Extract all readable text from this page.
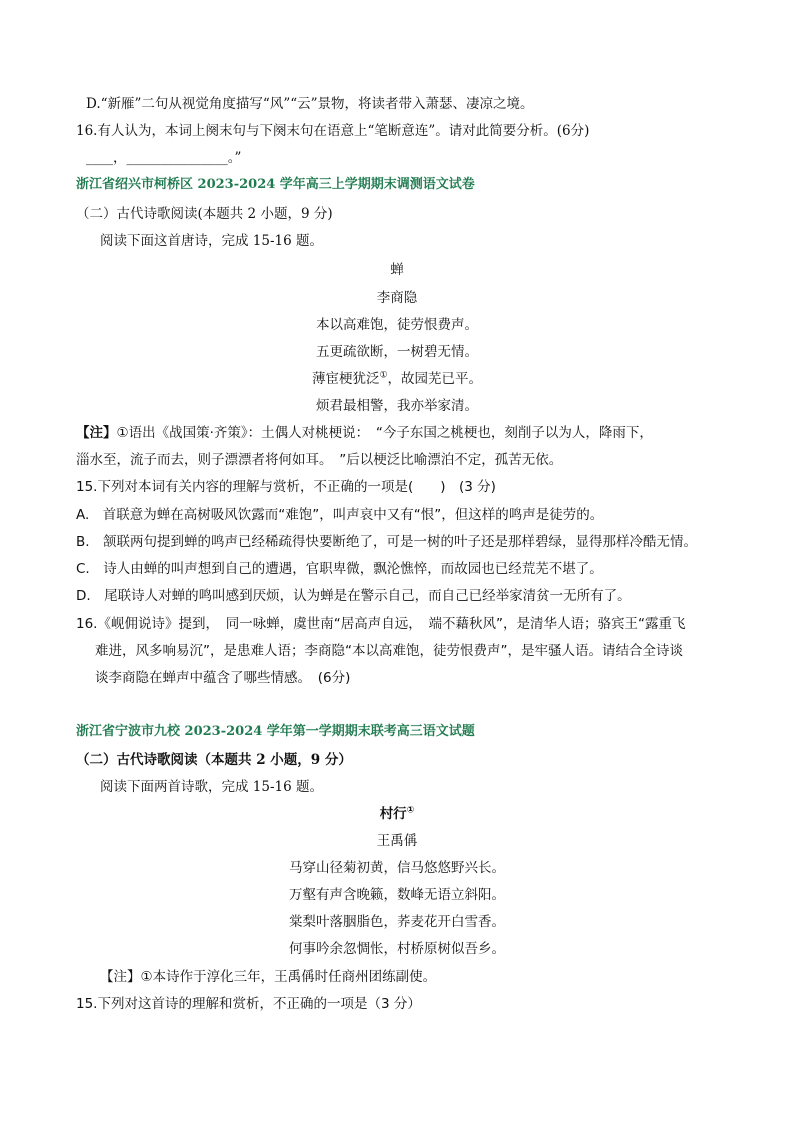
D.“新雁”二句从视觉角度描写“风”“云”景物，将读者带入萧瑟、凄凉之境。
16.有人认为，本词上阕末句与下阕末句在语意上“笔断意连”。请对此简要分析。(6分)
____，_______________。”
浙江省绍兴市柯桥区 2023-2024 学年高三上学期期末调测语文试卷
（二）古代诗歌阅读(本题共 2 小题，9 分)
阅读下面这首唐诗，完成 15-16 题。
蝉
李商隐
本以高难饱，徒劳恨费声。
五更疏欲断，一树碧无情。
薄宦梗犹泛①，故园芜已平。
烦君最相警，我亦举家清。
【注】①语出《战国策·齐策》：土偶人对桃梗说：　“今子东国之桃梗也，刻削子以为人，降雨下，
淄水至，流子而去，则子漂漂者将何如耳。　”后以梗泛比喻漂泊不定，孤苦无依。
15.下列对本词有关内容的理解与赏析，不正确的一项是(　　)　(3 分)
A.　首联意为蝉在高树吸风饮露而“难饱”，叫声哀中又有“恨”，但这样的鸣声是徒劳的。
B.　颔联两句提到蝉的鸣声已经稀疏得快要断绝了，可是一树的叶子还是那样碧绿，显得那样冷酷无情。
C.　诗人由蝉的叫声想到自己的遭遇，官职卑微，飘沦憔悴，而故园也已经荒芜不堪了。
D.　尾联诗人对蝉的鸣叫感到厌烦，认为蝉是在警示自己，而自己已经举家清贫一无所有了。
16.《岘佣说诗》提到，　同一咏蝉，虞世南“居高声自远，　端不藉秋风”，是清华人语；骆宾王“露重飞
难进，风多响易沉”，是患难人语；李商隐“本以高难饱，徒劳恨费声”，是牢骚人语。请结合全诗谈
谈李商隐在蝉声中蕴含了哪些情感。　(6分)
浙江省宁波市九校 2023-2024 学年第一学期期末联考高三语文试题
（二）古代诗歌阅读（本题共 2 小题，9 分）
阅读下面两首诗歌，完成 15-16 题。
村行①
王禹偁
马穿山径菊初黄，信马悠悠野兴长。
万壑有声含晚籁，数峰无语立斜阳。
棠梨叶落胭脂色，荞麦花开白雪香。
何事吟余忽惆怅，村桥原树似吾乡。
【注】①本诗作于淳化三年，王禹偁时任商州团练副使。
15.下列对这首诗的理解和赏析，不正确的一项是（3 分）
